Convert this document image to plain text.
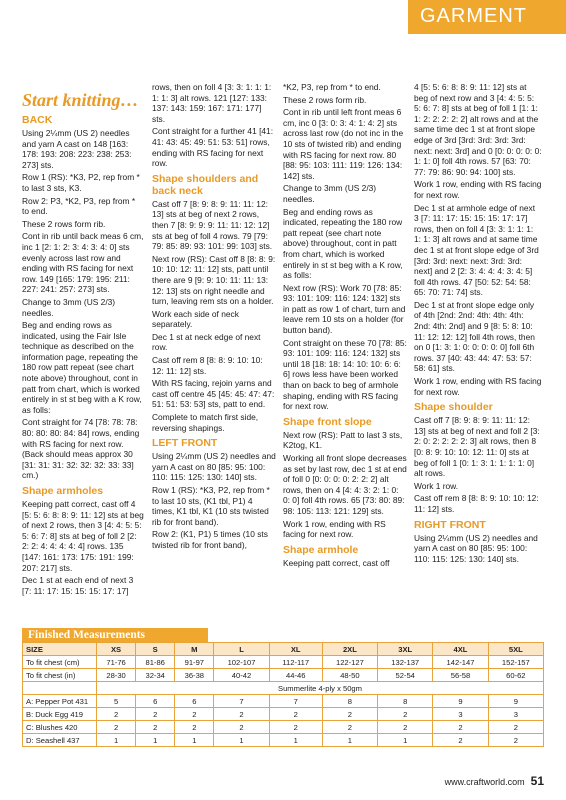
GARMENT
Start knitting…
BACK

Using 2¼mm (US 2) needles and yarn A cast on 148 [163: 178: 193: 208: 223: 238: 253: 273] sts.

Row 1 (RS): *K3, P2, rep from * to last 3 sts, K3.

Row 2: P3, *K2, P3, rep from * to end.

These 2 rows form rib.

Cont in rib until back meas 6 cm, inc 1 [2: 1: 2: 3: 4: 3: 4: 0] sts evenly across last row and ending with RS facing for next row. 149 [165: 179: 195: 211: 227: 241: 257: 273] sts.

Change to 3mm (US 2/3) needles.

Beg and ending rows as indicated, using the Fair Isle technique as described on the information page, repeating the 180 row patt repeat (see chart note above) throughout, cont in patt from chart, which is worked entirely in st st beg with a K row, as folls:

Cont straight for 74 [78: 78: 78: 80: 80: 80: 84: 84] rows, ending with RS facing for next row. (Back should meas approx 30 [31: 31: 31: 32: 32: 32: 33: 33] cm.)

Shape armholes

Keeping patt correct, cast off 4 [5: 5: 6: 8: 8: 9: 11: 12] sts at beg of next 2 rows, then 3 [4: 4: 5: 5: 5: 6: 7: 8] sts at beg of foll 2 [2: 2: 2: 4: 4: 4: 4: 4] rows. 135 [147: 161: 173: 175: 191: 199: 207: 217] sts.

Dec 1 st at each end of next 3 [7: 11: 17: 15: 15: 15: 17: 17]

rows, then on foll 4 [3: 3: 1: 1: 1: 1: 1: 3] alt rows. 121 [127: 133: 137: 143: 159: 167: 171: 177] sts.

Cont straight for a further 41 [41: 41: 43: 45: 49: 51: 53: 51] rows, ending with RS facing for next row.

Shape shoulders and back neck

Cast off 7 [8: 9: 8: 9: 11: 11: 12: 13] sts at beg of next 2 rows, then 7 [8: 9: 9: 9: 11: 11: 12: 12] sts at beg of foll 4 rows. 79 [79: 79: 85: 89: 93: 101: 99: 103] sts.

Next row (RS): Cast off 8 [8: 8: 9: 10: 10: 12: 11: 12] sts, patt until there are 9 [9: 9: 10: 11: 11: 13: 12: 13] sts on right needle and turn, leaving rem sts on a holder.

Work each side of neck separately.

Dec 1 st at neck edge of next row.

Cast off rem 8 [8: 8: 9: 10: 10: 12: 11: 12] sts.

With RS facing, rejoin yarns and cast off centre 45 [45: 45: 47: 47: 51: 51: 53: 53] sts, patt to end.

Complete to match first side, reversing shapings.

LEFT FRONT

Using 2¼mm (US 2) needles and yarn A cast on 80 [85: 95: 100: 110: 115: 125: 130: 140] sts.

Row 1 (RS): *K3, P2, rep from * to last 10 sts, (K1 tbl, P1) 4 times, K1 tbl, K1 (10 sts twisted rib for front band).

Row 2: (K1, P1) 5 times (10 sts twisted rib for front band),

*K2, P3, rep from * to end.

These 2 rows form rib.

Cont in rib until left front meas 6 cm, inc 0 [3: 0: 3: 4: 1: 4: 2] sts across last row (do not inc in the 10 sts of twisted rib) and ending with RS facing for next row. 80 [88: 95: 103: 111: 119: 126: 134: 142] sts.

Change to 3mm (US 2/3) needles.

Beg and ending rows as indicated, repeating the 180 row patt repeat (see chart note above) throughout, cont in patt from chart, which is worked entirely in st st beg with a K row, as folls:

Next row (RS): Work 70 [78: 85: 93: 101: 109: 116: 124: 132] sts in patt as row 1 of chart, turn and leave rem 10 sts on a holder (for button band).

Cont straight on these 70 [78: 85: 93: 101: 109: 116: 124: 132] sts until 18 [18: 18: 14: 10: 10: 6: 6: 6] rows less have been worked than on back to beg of armhole shaping, ending with RS facing for next row.

Shape front slope

Next row (RS): Patt to last 3 sts, K2tog, K1.

Working all front slope decreases as set by last row, dec 1 st at end of foll 0 [0: 0: 0: 0: 2: 2: 2] alt rows, then on 4 [4: 4: 3: 2: 1: 0: 0: 0] foll 4th rows. 65 [73: 80: 89: 98: 105: 113: 121: 129] sts.

Work 1 row, ending with RS facing for next row.

Shape armhole

Keeping patt correct, cast off

4 [5: 5: 6: 8: 8: 9: 11: 12] sts at beg of next row and 3 [4: 4: 5: 5: 5: 6: 7: 8] sts at beg of foll 1 [1: 1: 1: 2: 2: 2: 2: 2] alt rows and at the same time dec 1 st at front slope edge of 3rd [3rd: 3rd: 3rd: 3rd: next: next: 3rd] and 0 [0: 0: 0: 0: 0: 1: 1: 0] foll 4th rows. 57 [63: 70: 77: 79: 86: 90: 94: 100] sts.

Work 1 row, ending with RS facing for next row.

Dec 1 st at armhole edge of next 3 [7: 11: 17: 15: 15: 15: 17: 17] rows, then on foll 4 [3: 3: 1: 1: 1: 1: 1: 3] alt rows and at same time dec 1 st at front slope edge of 3rd [3rd: 3rd: next: next: 3rd: 3rd: next] and 2 [2: 3: 4: 4: 4: 3: 4: 5] foll 4th rows. 47 [50: 52: 54: 58: 65: 70: 71: 74] sts.

Dec 1 st at front slope edge only of 4th [2nd: 2nd: 4th: 4th: 4th: 2nd: 4th: 2nd] and 9 [8: 5: 8: 10: 11: 12: 12: 12] foll 4th rows, then on 0 [1: 3: 1: 0: 0: 0: 0: 0] foll 6th rows. 37 [40: 43: 44: 47: 53: 57: 58: 61] sts.

Work 1 row, ending with RS facing for next row.

Shape shoulder

Cast off 7 [8: 9: 8: 9: 11: 11: 12: 13] sts at beg of next and foll 2 [3: 2: 0: 2: 2: 2: 2: 3] alt rows, then 8 [0: 8: 9: 10: 10: 12: 11: 0] sts at beg of foll 1 [0: 1: 3: 1: 1: 1: 1: 0] alt rows.

Work 1 row.

Cast off rem 8 [8: 8: 9: 10: 10: 12: 11: 12] sts.

RIGHT FRONT

Using 2¼mm (US 2) needles and yarn A cast on 80 [85: 95: 100: 110: 115: 125: 130: 140] sts.

Finished Measurements
SIZE	XS	S	M	L	XL	2XL	3XL	4XL	5XL
To fit chest (cm)	71-76	81-86	91-97	102-107	112-117	122-127	132-137	142-147	152-157
To fit chest (in)	28-30	32-34	36-38	40-42	44-46	48-50	52-54	56-58	60-62
	Summerlite 4-ply x 50gm								
A: Pepper Pot 431	5	6	6	7	7	8	8	9	9
B: Duck Egg 419	2	2	2	2	2	2	2	3	3
C: Blushes 420	2	2	2	2	2	2	2	2	2
D: Seashell 437	1	1	1	1	1	1	1	2	2
www.craftworld.com 51
